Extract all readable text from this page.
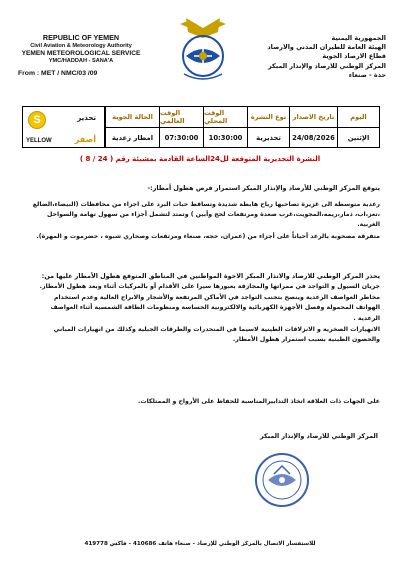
REPUBLIC OF YEMEN
Civil Aviation & Meteorology Authority
YEMEN METEOROLOGICAL SERVICE
YMC/HADDAH - SANA'A
From : MET / NMC/03 /09
الجمهورية اليمنية
الهيئة العامة للطيران المدني والارصاد
قطاع الارصاد الجوية
المركز الوطني للارصاد والإنذار المبكر
حدة - صنعاء
S	تحذير
YELLOW	أصفر
الحالة الجوية
امطار رعدية
الوقت العالمي
07:30:00
الوقت المحلي
10:30:00
نوع النشرة
تحذيرية
تاريخ الاصدار
24/08/2026
اليوم
الإثنين
النشرة التحذيرية المتوقعة لل24الساعة القادمة بمشيئة رقم ( 24 / 8 )
يتوقع المركز الوطني للأرصاد والإنذار المبكر استمرار فرص هطول أمطار:-
رعدية متوسطة الى غزيرة تصاحبها رياح هابطة شديدة وتساقط حبات البرد على اجزاء من محافظات (البيضاء،الضالع ،تعز،اب، ذمار،ريمه،المحويت،غرب صعدة ومرتفعات لحج وأبين ) وتمتد لتشمل أجزاء من سهول تهامة والسواحل الغربية.
متفرقة مصحوبة بالرعد أحياناً على أجزاء من (عمران، حجه، صنعاء ومرتفعات وصحاري شبوه ، حضرموت و المهرة).
يحذر المركز الوطني للارصاد والانذار المبكر الاخوة المواطنين في المناطق المتوقع هطول الأمطار عليها من:
جريان السيول و التواجد في ممراتها والمجازفة بعبورها سيرا على الأقدام أو بالمركبات أثناء وبعد هطول الأمطار.
مخاطر العواصف الرعدية وينصح بتجنب التواجد في الأماكن المرتفعة والأشجار والابراج العالية وعدم استخدام الهواتف المحمولة وفصل الأجهزة الكهربائية والالكترونية الحساسة ومنظومات الطاقة الشمسية أثناء العواصف الرعدية .
الانهيارات الصخرية و الانزلاقات الطينية لاسيما في المنحدرات والطرقات الجبلية وكذلك من انهيارات المباني والحصون الطينية بسبب استمرار هطول الأمطار.
على الجهات ذات العلاقة اتخاذ التدابيرالمناسبة للحفاظ على الأرواح و الممتلكات.
المركز الوطني للارصاد والإنذار المبكر
للاستفسار الاتصال بالمركز الوطني للإرصاد - صنعاء هاتف 410686 - فاكس 419778
